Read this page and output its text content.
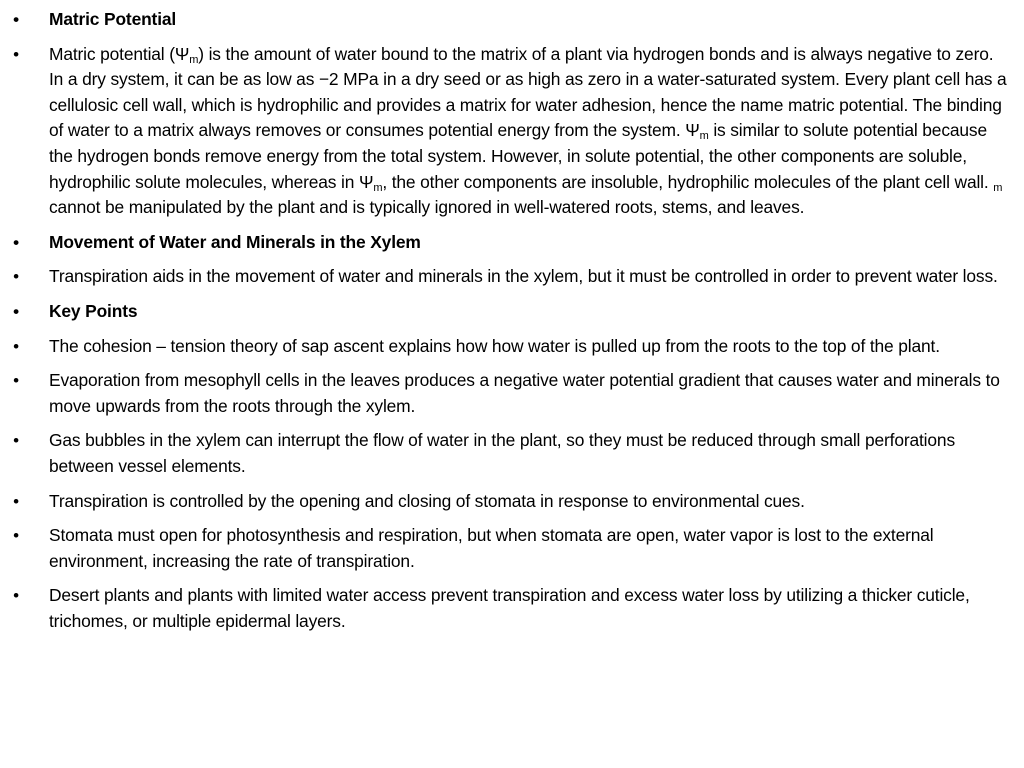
• Matric Potential
• Matric potential $(\Psi_m)$ is the amount of water bound to the matrix of a plant via hydrogen bonds and is always negative to zero. In a dry system, it can be as low as −2 MPa in a dry seed or as high as zero in a water-saturated system. Every plant cell has a cellulosic cell wall, which is hydrophilic and provides a matrix for water adhesion, hence the name matric potential. The binding of water to a matrix always removes or consumes potential energy from the system. $\Psi_m$ is similar to solute potential because the hydrogen bonds remove energy from the total system. However, in solute potential, the other components are soluble, hydrophilic solute molecules, whereas in $\Psi_m$, the other components are insoluble, hydrophilic molecules of the plant cell wall. $_m$ cannot be manipulated by the plant and is typically ignored in well-watered roots, stems, and leaves.
• Movement of Water and Minerals in the Xylem
• Transpiration aids in the movement of water and minerals in the xylem, but it must be controlled in order to prevent water loss.
• Key Points
• The cohesion – tension theory of sap ascent explains how how water is pulled up from the roots to the top of the plant.
• Evaporation from mesophyll cells in the leaves produces a negative water potential gradient that causes water and minerals to move upwards from the roots through the xylem.
• Gas bubbles in the xylem can interrupt the flow of water in the plant, so they must be reduced through small perforations between vessel elements.
• Transpiration is controlled by the opening and closing of stomata in response to environmental cues.
• Stomata must open for photosynthesis and respiration, but when stomata are open, water vapor is lost to the external environment, increasing the rate of transpiration.
• Desert plants and plants with limited water access prevent transpiration and excess water loss by utilizing a thicker cuticle, trichomes, or multiple epidermal layers.
